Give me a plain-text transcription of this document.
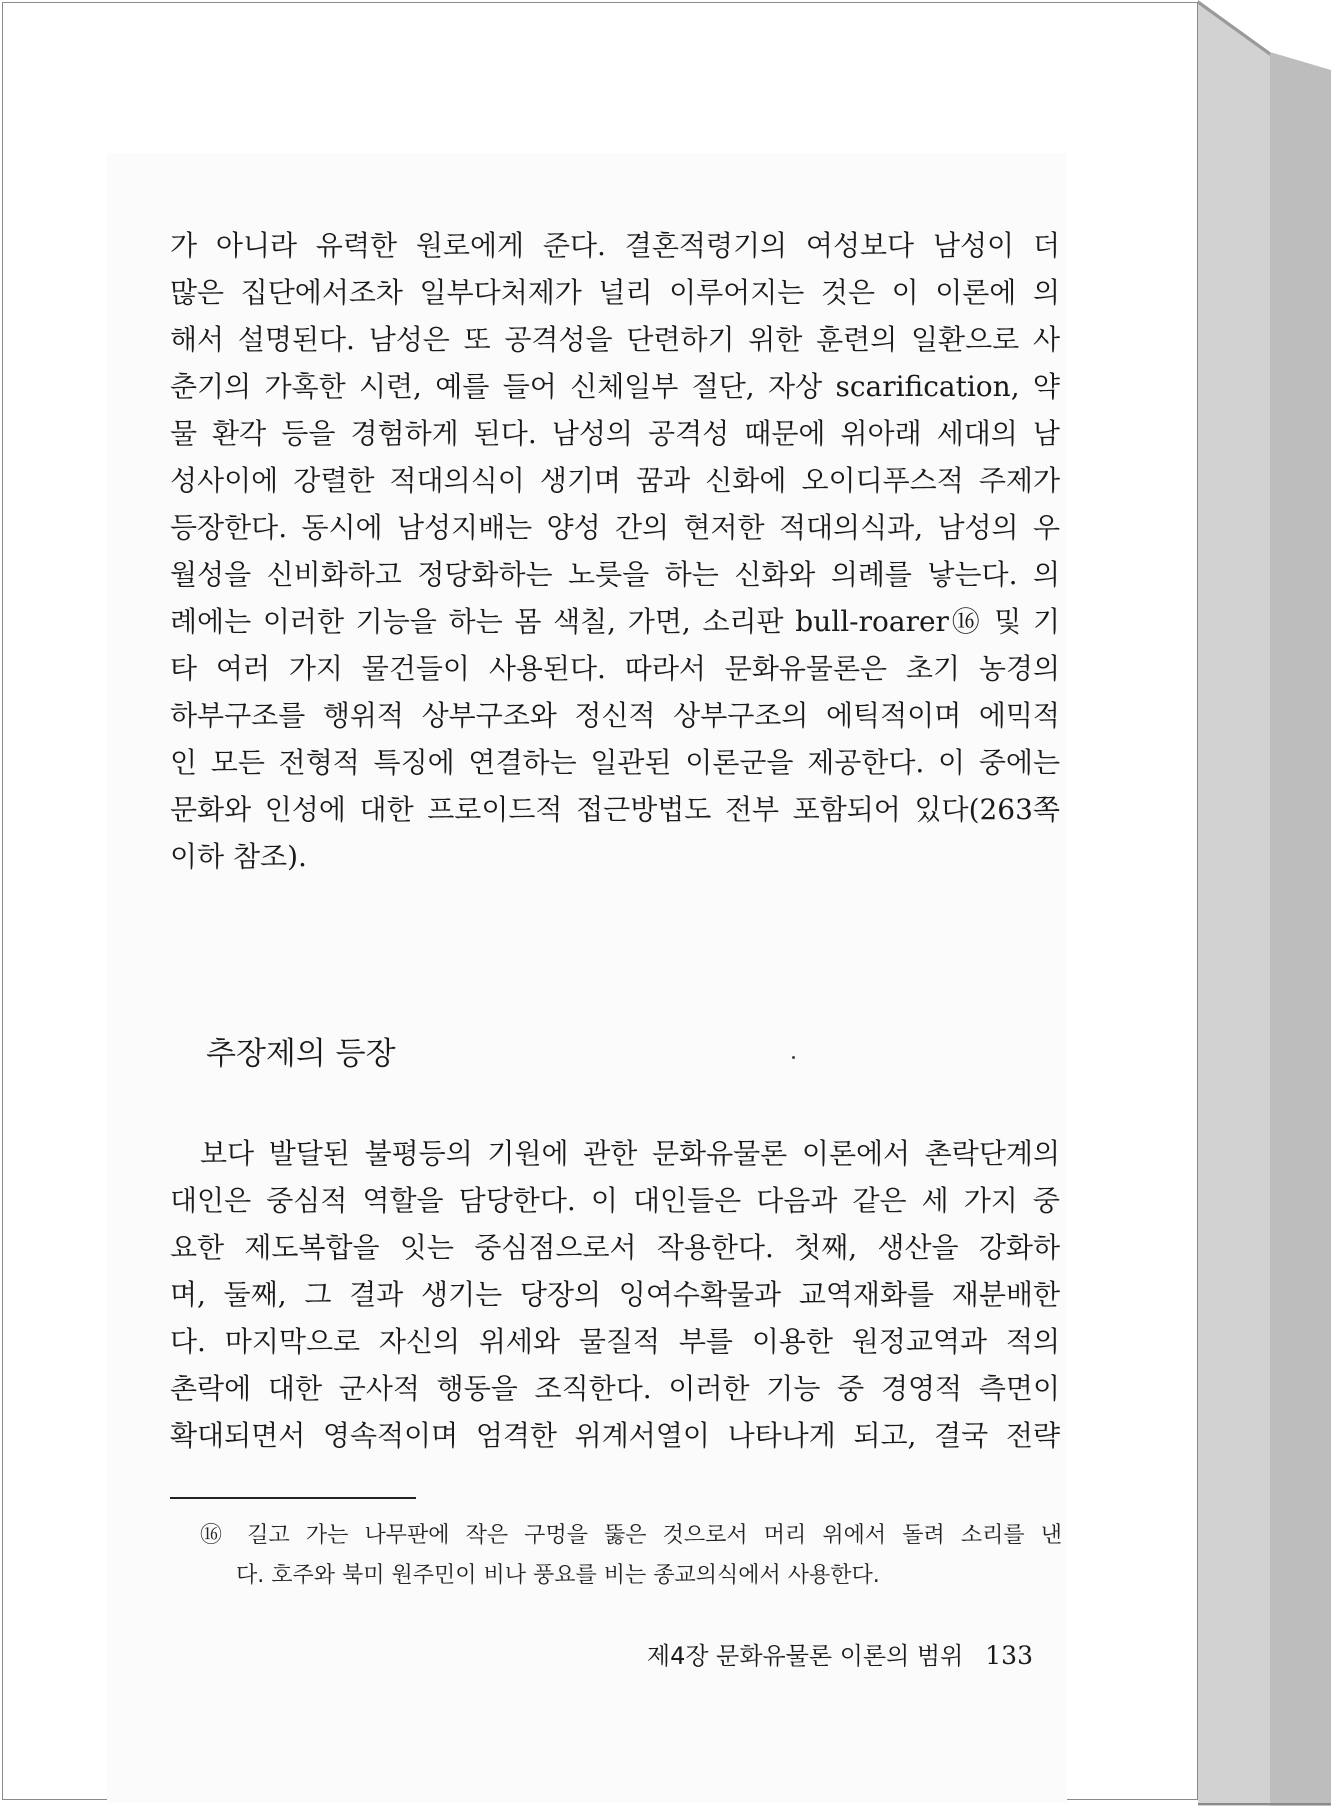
가 아니라 유력한 원로에게 준다. 결혼적령기의 여성보다 남성이 더
많은 집단에서조차 일부다처제가 널리 이루어지는 것은 이 이론에 의
해서 설명된다. 남성은 또 공격성을 단련하기 위한 훈련의 일환으로 사
춘기의 가혹한 시련, 예를 들어 신체일부 절단, 자상 scarification, 약
물 환각 등을 경험하게 된다. 남성의 공격성 때문에 위아래 세대의 남
성사이에 강렬한 적대의식이 생기며 꿈과 신화에 오이디푸스적 주제가
등장한다. 동시에 남성지배는 양성 간의 현저한 적대의식과, 남성의 우
월성을 신비화하고 정당화하는 노릇을 하는 신화와 의례를 낳는다. 의
례에는 이러한 기능을 하는 몸 색칠, 가면, 소리판 bull-roarer⑯ 및 기
타 여러 가지 물건들이 사용된다. 따라서 문화유물론은 초기 농경의
하부구조를 행위적 상부구조와 정신적 상부구조의 에틱적이며 에믹적
인 모든 전형적 특징에 연결하는 일관된 이론군을 제공한다. 이 중에는
문화와 인성에 대한 프로이드적 접근방법도 전부 포함되어 있다(263쪽
이하 참조).
추장제의 등장
보다 발달된 불평등의 기원에 관한 문화유물론 이론에서 촌락단계의
대인은 중심적 역할을 담당한다. 이 대인들은 다음과 같은 세 가지 중
요한 제도복합을 잇는 중심점으로서 작용한다. 첫째, 생산을 강화하
며, 둘째, 그 결과 생기는 당장의 잉여수확물과 교역재화를 재분배한
다. 마지막으로 자신의 위세와 물질적 부를 이용한 원정교역과 적의
촌락에 대한 군사적 행동을 조직한다. 이러한 기능 중 경영적 측면이
확대되면서 영속적이며 엄격한 위계서열이 나타나게 되고, 결국 전략
⑯ 길고 가는 나무판에 작은 구멍을 뚫은 것으로서 머리 위에서 돌려 소리를 낸
다. 호주와 북미 원주민이 비나 풍요를 비는 종교의식에서 사용한다.
제4장 문화유물론 이론의 범위 133
